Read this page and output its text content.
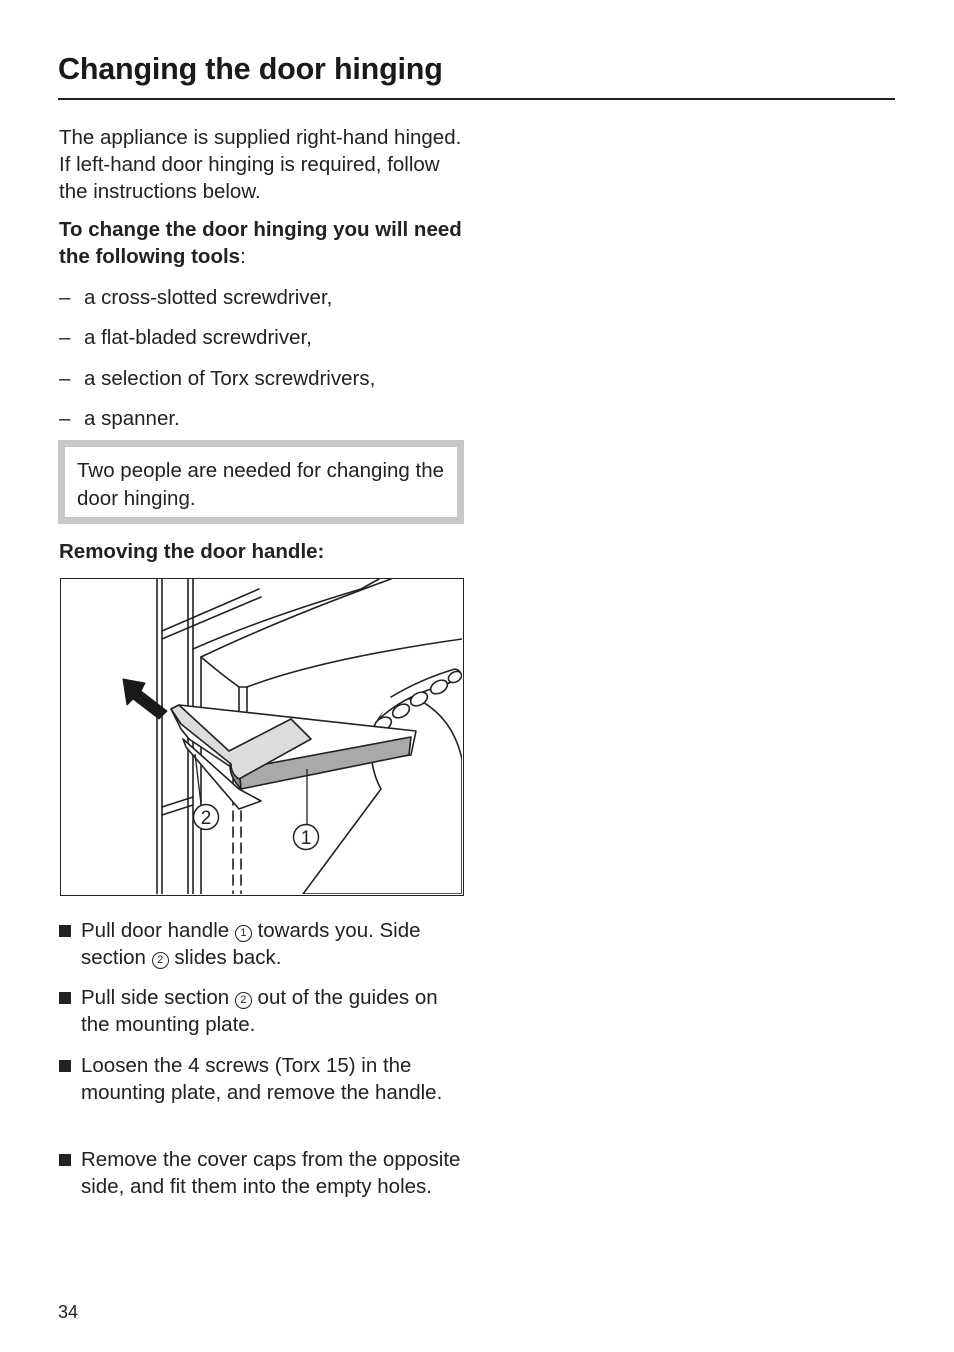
Changing the door hinging
The appliance is supplied right-hand hinged. If left-hand door hinging is required, follow the instructions below.
To change the door hinging you will need the following tools:
– a cross-slotted screwdriver,
– a flat-bladed screwdriver,
– a selection of Torx screwdrivers,
– a spanner.
Two people are needed for changing the door hinging.
Removing the door handle:
1
2
Pull door handle 1 towards you. Side section 2 slides back.
Pull side section 2 out of the guides on the mounting plate.
Loosen the 4 screws (Torx 15) in the mounting plate, and remove the handle.
Remove the cover caps from the opposite side, and fit them into the empty holes.
34
